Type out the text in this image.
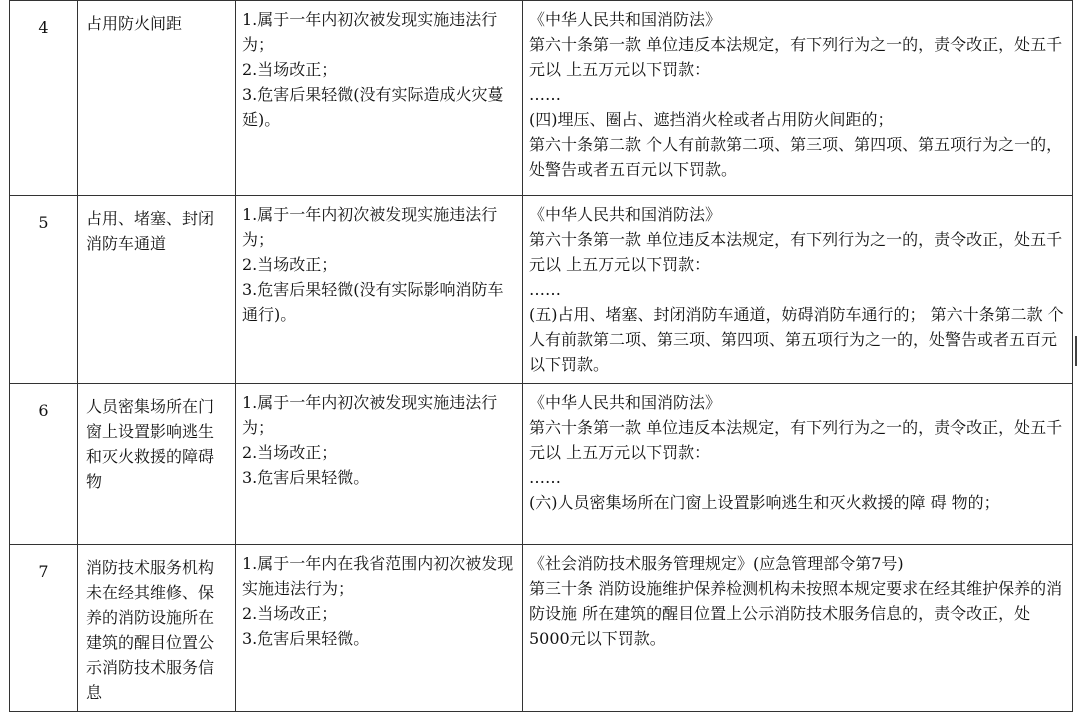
4	占用防火间距	1.属于一年内初次被发现实施违法行为；
2.当场改正；
3.危害后果轻微(没有实际造成火灾蔓延)。	《中华人民共和国消防法》
第六十条第一款 单位违反本法规定，有下列行为之一的，责令改正，处五千元以 上五万元以下罚款：
……
(四)埋压、圈占、遮挡消火栓或者占用防火间距的；
第六十条第二款 个人有前款第二项、第三项、第四项、第五项行为之一的，处警告或者五百元以下罚款。

5	占用、堵塞、封闭消防车通道	1.属于一年内初次被发现实施违法行为；
2.当场改正；
3.危害后果轻微(没有实际影响消防车通行)。	《中华人民共和国消防法》
第六十条第一款 单位违反本法规定，有下列行为之一的，责令改正，处五千元以 上五万元以下罚款：
……
(五)占用、堵塞、封闭消防车通道，妨碍消防车通行的； 第六十条第二款 个人有前款第二项、第三项、第四项、第五项行为之一的，处警告或者五百元以下罚款。

6	人员密集场所在门窗上设置影响逃生和灭火救援的障碍物	1.属于一年内初次被发现实施违法行为；
2.当场改正；
3.危害后果轻微。	《中华人民共和国消防法》
第六十条第一款 单位违反本法规定，有下列行为之一的，责令改正，处五千元以 上五万元以下罚款：
……
(六)人员密集场所在门窗上设置影响逃生和灭火救援的障 碍 物的；

7	消防技术服务机构未在经其维修、保养的消防设施所在建筑的醒目位置公示消防技术服务信息	1.属于一年内在我省范围内初次被发现实施违法行为；
2.当场改正；
3.危害后果轻微。	《社会消防技术服务管理规定》(应急管理部令第7号)
第三十条 消防设施维护保养检测机构未按照本规定要求在经其维护保养的消防设施 所在建筑的醒目位置上公示消防技术服务信息的，责令改正，处5000元以下罚款。
